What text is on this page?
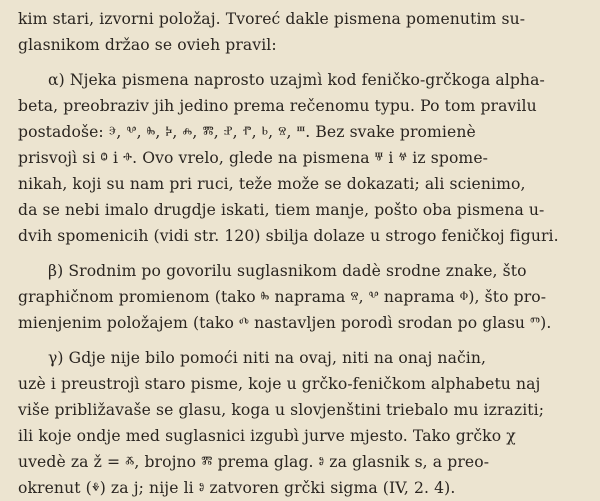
kim stari, izvorni položaj. Tvoreć dakle pismena pomenutim su-
glasnikom držao se ovieh pravil:
α) Njeka pismena naprosto uzajmì kod feničko-grčkoga alpha-
beta, preobraziv jih jedino prema rečenomu typu. Po tom pravilu
postadoše: ⰵ, ⰲ, ⰸ, ⰽ, ⰾ, ⰿ, ⱀ, ⱂ, ⱃ, ⱄ, ⱎ. Bez svake promienè
prisvojì si ⱉ i ⱚ. Ovo vrelo, glede na pismena ⱋ i ⱍ iz spome-
nikah, koji su nam pri ruci, teže može se dokazati; ali scienimo,
da se nebi imalo drugdje iskati, tiem manje, pošto oba pismena u-
dvih spomenicih (vidi str. 120) sbilja dolaze u strogo feničkoj figuri.
β) Srodnim po govorilu suglasnikom dadè srodne znake, što
graphičnom promienom (tako ⰸ naprama ⱄ, ⰲ naprama ⱇ), što pro-
mienjenim položajem (tako ⰴ nastavljen porodì srodan po glasu ⱅ).
γ) Gdje nije bilo pomoći niti na ovaj, niti na onaj način,
uzè i preustrojì staro pisme, koje u grčko-feničkom alphabetu naj
više približavaše se glasu, koga u slovjenštini triebalo mu izraziti;
ili koje ondje med suglasnici izgubì jurve mjesto. Tako grčko χ
uvedè za ž = ⰶ, brojno ⰿ prema glag. ⱁ za glasnik s, a preo-
okrenut (ⰷ) za j; nije li ⱁ zatvoren grčki sigma (IV, 2. 4).
